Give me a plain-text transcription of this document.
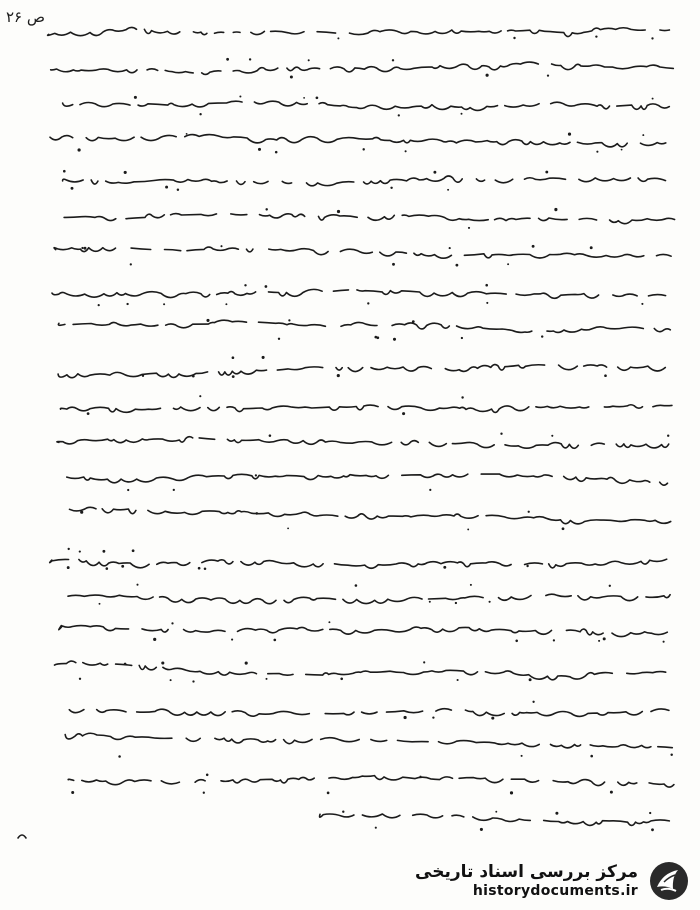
ص ۲۶
مرکز بررسی اسناد تاریخی
historydocuments.ir
